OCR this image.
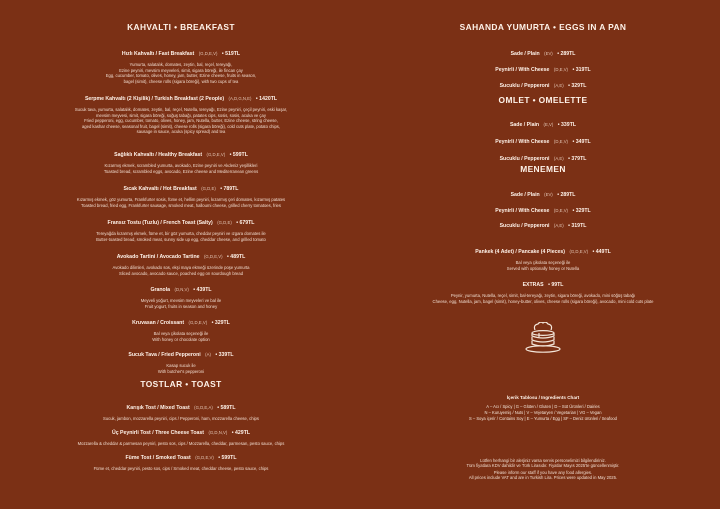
KAHVALTI • BREAKFAST
Hızlı Kahvaltı / Fast Breakfast (G,D,E,V) • 519TL
Yumurta, salatalık, domates, zeytin, bal, reçel, tereyağı,
Ezine peyniri, mevsim meyveleri, simit, sigara böreği, ile fincan çay
Egg, cucumber, tomato, olives, honey, jam, butter, Ezine cheese, fruits in season,
bagel (simit), cheese rolls (sigara böreği), with two cups of tea
Serpme Kahvaltı (2 Kişilik) / Turkish Breakfast (2 People) (A,D,G,N,E) • 1420TL
Sucuk tava, yumurta, salatalık, domates, zeytin, bal, reçel, Nutella, tereyağı, Ezine peyniri, çeçil peyniri, eski kaşar,
mevsim meyvesi, simit, sigara böreği, soğuş tabağı, patates cips, sosis, sosis, acuka ve çay
Fried pepperoni, egg, cucumber, tomato, olives, honey, jam, Nutella, butter, Ezine cheese, string cheese,
aged kashar cheese, seasonal fruit, bagel (simit), cheese rolls (sigara böreği), cold cuts plate, potato chips,
sausage in sauce, acuka (spicy spread) and tea
Sağlıklı Kahvaltı / Healthy Breakfast (G,D,E,V) • 599TL
Kızarmış ekmek, scrambled yumurta, avokado, Ezine peyniri ve Akdeniz yeşillikleri
Toasted bread, scrambled eggs, avocado, Ezine cheese and Mediterranean greens
Sıcak Kahvaltı / Hot Breakfast (G,D,E) • 789TL
Kızarmış ekmek, göz yumurta, Frankfurter sosis, füme et, hellim peyniri, kızarmış çeri domates, kızarmış patates
Toasted bread, fried egg, Frankfurter sausage, smoked meat, halloumi cheese, grilled cherry tomatoes, fries
Fransız Tostu (Tuzlu) / French Toast (Salty) (G,D,E) • 679TL
Tereyağda kızarmış ekmek, füme et, bir göz yumurta, cheddar peyniri ve ızgara domates ile
Butter-toasted bread, smoked meat, sunny side up egg, cheddar cheese, and grilled tomato
Avokado Tartini / Avocado Tartine (G,D,E,V) • 489TL
Avokado dilimleri, avokado sos, ekşi maya ekmeği üzerinde poşe yumurta
Sliced avocado, avocado sauce, poached egg on sourdough bread
Granola (D,N,V) • 439TL
Meyveli yoğurt, mevsim meyveleri ve bal ile
Fruit yogurt, fruits in season and honey
Kruvasan / Croissant (G,D,E,V) • 329TL
Bal veya çikolata seçeneği ile
With honey or chocolate option
Sucuk Tava / Fried Pepperoni (A) • 339TL
Kasap sucuk ile
With butcher's pepperoni
TOSTLAR • TOAST
Karışık Tost / Mixed Toast (G,D,E,A) • 589TL
Sucuk, jambon, mozzarella peyniri, cips / Pepperoni, ham, mozzarella cheese, chips
Üç Peynirli Tost / Three Cheese Toast (G,D,N,V) • 429TL
Mozzarella & cheddar & parmesan peyniri, pesto sos, cips / Mozzarella, cheddar, parmesan, pesto sauce, chips
Füme Tost / Smoked Toast (G,D,E,V) • 599TL
Füme et, cheddar peyniri, pesto sos, cips / Smoked meat, cheddar cheese, pesto sauce, chips
SAHANDA YUMURTA • EGGS IN A PAN
Sade / Plain (EV) • 289TL
Peynirli / With Cheese (D,E,V) • 319TL
Sucuklu / Pepperoni (A,E) • 329TL
OMLET • OMELETTE
Sade / Plain (E,V) • 339TL
Peynirli / With Cheese (D,E,V) • 349TL
Sucuklu / Pepperoni (A,E) • 379TL
MENEMEN
Sade / Plain (EV) • 289TL
Peynirli / With Cheese (D,E,V) • 329TL
Sucuklu / Pepperoni (A,E) • 319TL
Pankek (4 Adet) / Pancake (4 Pieces) (G,D,E,V) • 449TL
Bal veya çikolata seçeneği ile
Served with optionally honey or Nutella
EXTRAS • 99TL
Peynir, yumurta, Nutella, reçel, simit, bal-tereyağı, zeytin, sigara böreği, avokado, mini söğüş tabağı
Cheese, egg, Nutella, jam, bagel (simit), honey-butter, olives, cheese rolls (sigara böreği), avocado, mini cold cuts plate
İçerik Tablosu / Ingredients Chart
A – Acı / Spicy | G – Glüten / Gluten | D – Süt Ürünleri / Dairies
N – Kuruyemiş / Nuts | V – Vejetaryen / Vegetarian | VG – Vegan
S – Soya içerir / Contains Soy | E – Yumurta / Egg | SF – Deniz ürünleri / Seafood
Lütfen herhangi bir alerjiniz varsa servis personelimizi bilgilendiriniz.
Tüm fiyatlara KDV dahildir ve Türk Lirasıdır. Fiyatlar Mayıs 2025'te güncellenmiştir.
Please inform our staff if you have any food allergies.
All prices include VAT and are in Turkish Lira. Prices were updated in May 2025.
